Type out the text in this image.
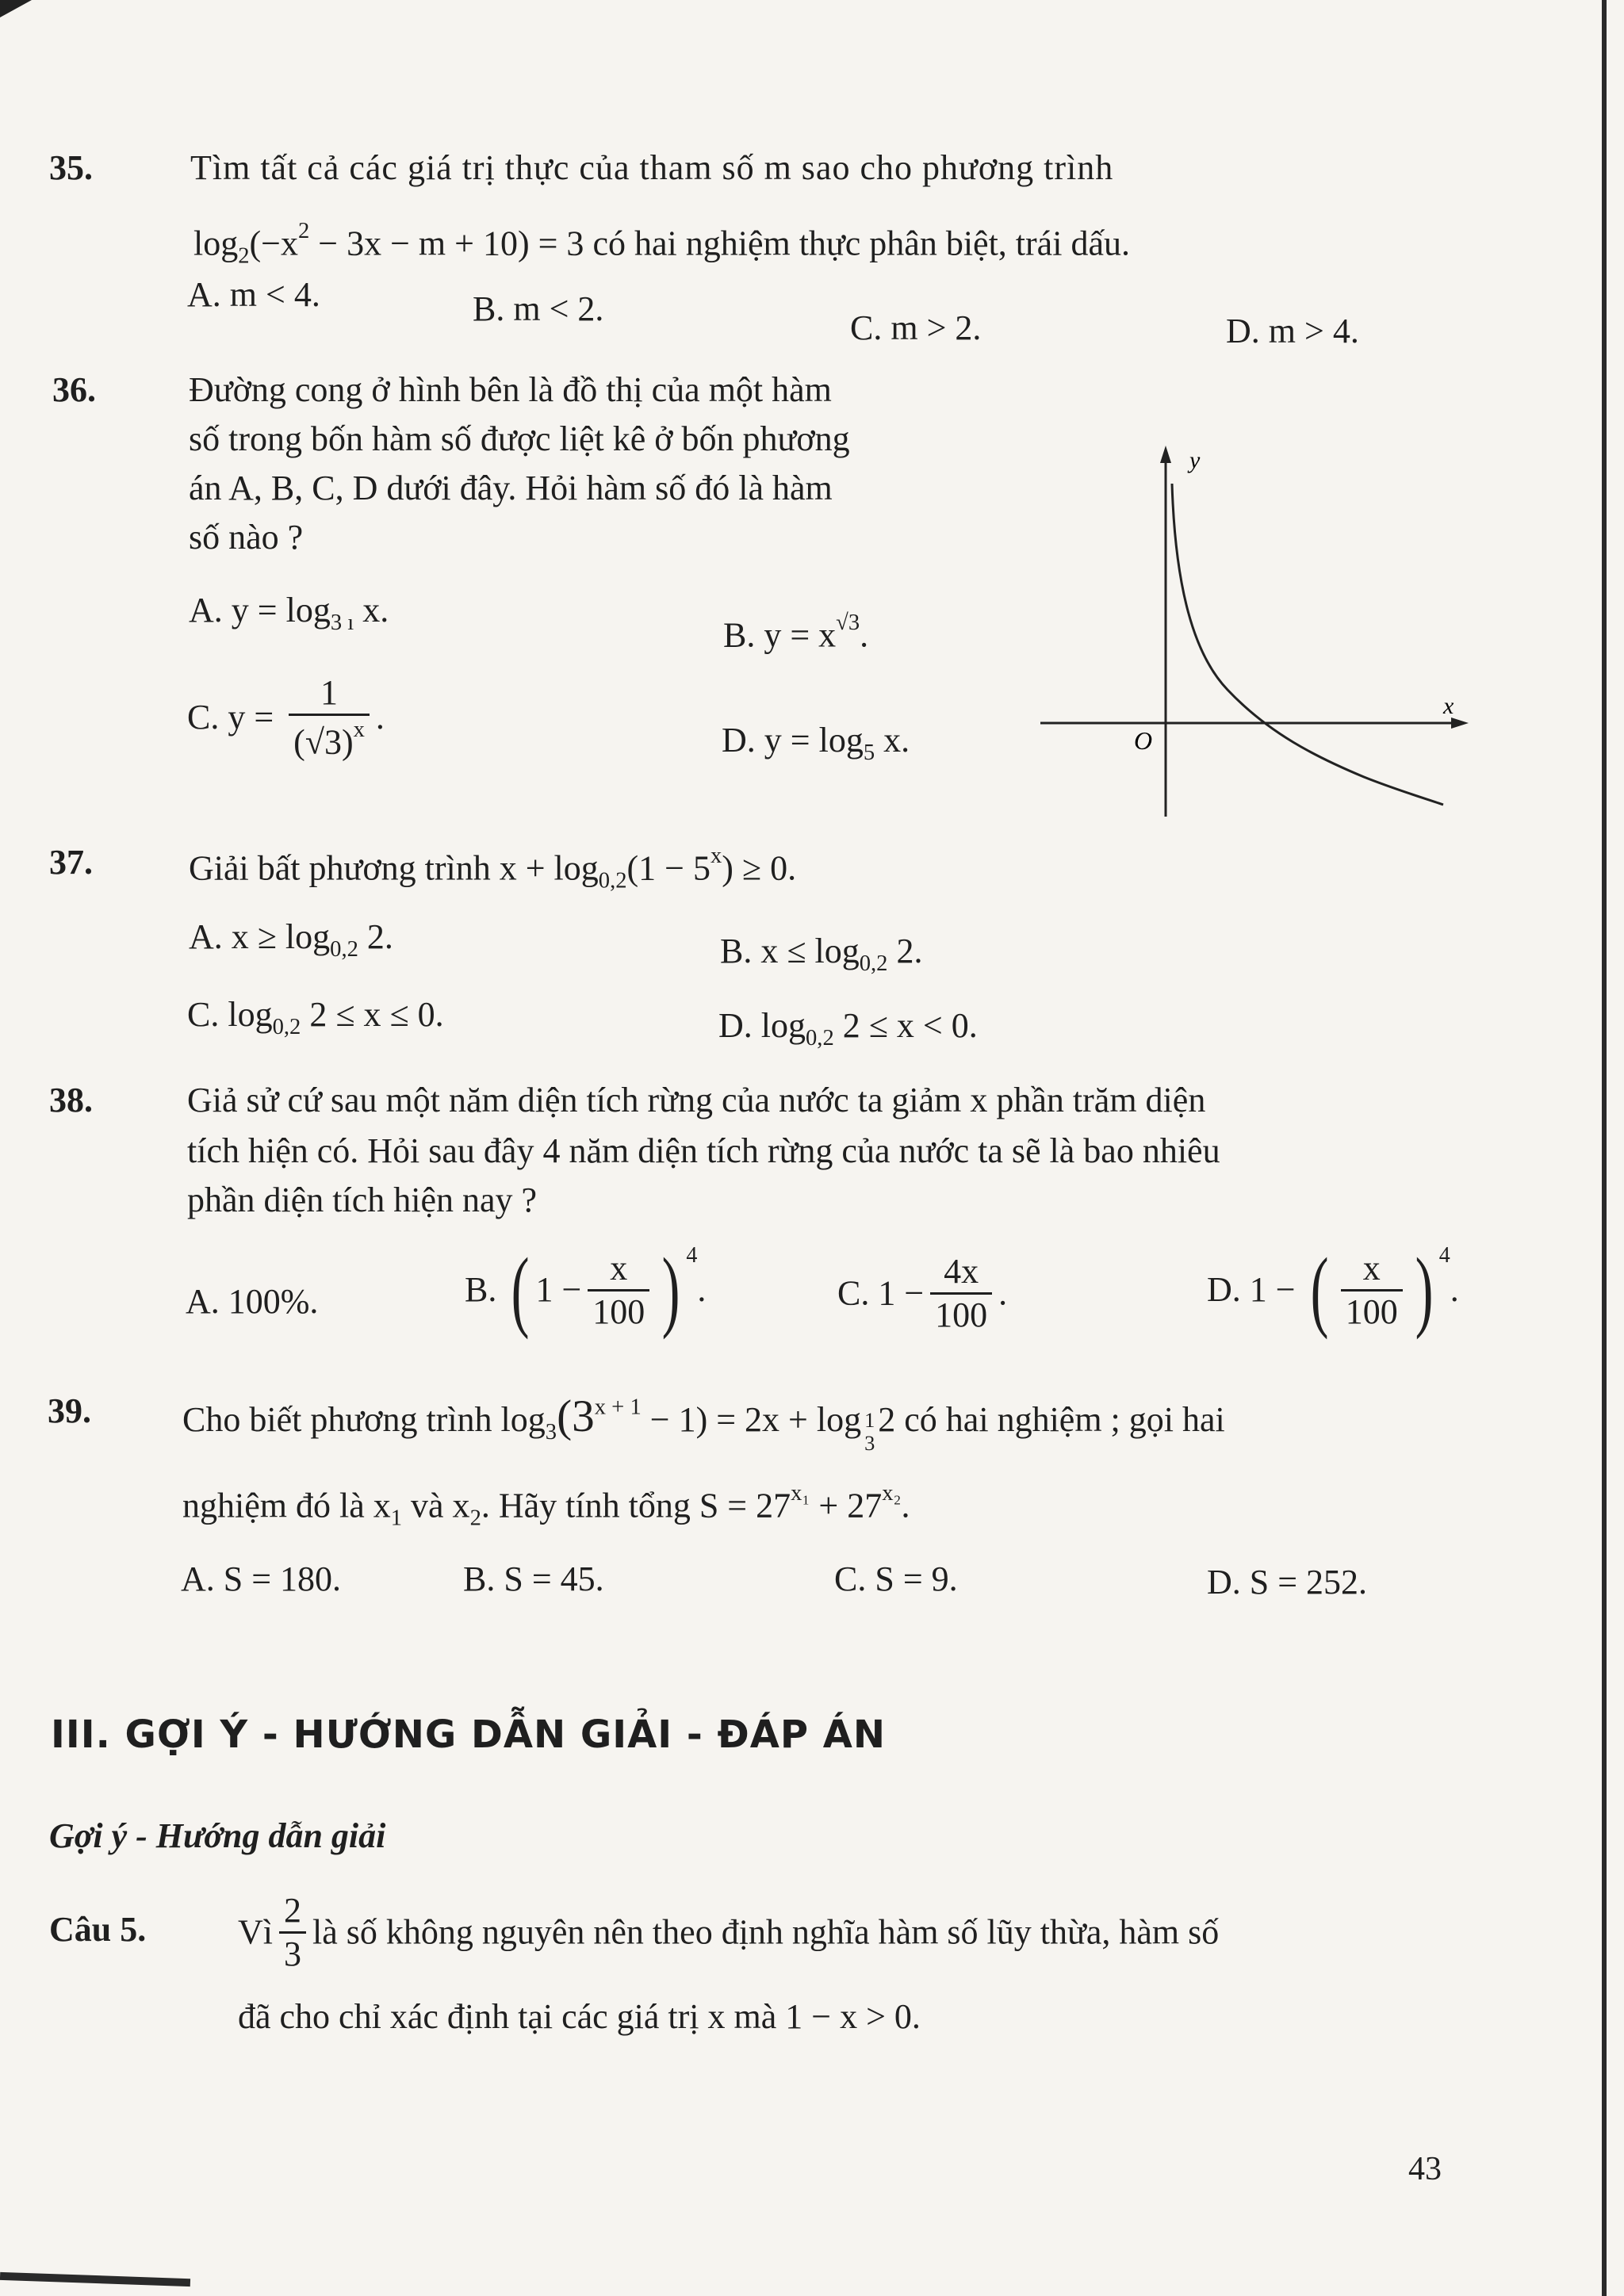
35.	Tìm tất cả các giá trị thực của tham số m sao cho phương trình
$\log_2(-x^2 - 3x - m + 10) = 3$ có hai nghiệm thực phân biệt, trái dấu.
A. m < 4.	B. m < 2.	C. m > 2.	D. m > 4.
36.	Đường cong ở hình bên là đồ thị của một hàm
số trong bốn hàm số được liệt kê ở bốn phương
án A, B, C, D dưới đây. Hỏi hàm số đó là hàm
số nào ?
A. $y = \log_{3 ı} x$.
B. $y = x^{√3}$.
C. $y = \frac{1}{(√3)^x}$ .
D. $y = \log_5 x$.
y
x
O
37.	Giải bất phương trình $x + \log_{0,2}(1 - 5^x) \ge 0$.
A. $x \ge \log_{0,2} 2$.	B. $x \le \log_{0,2} 2$.
C. $\log_{0,2} 2 \le x \le 0$.	D. $\log_{0,2} 2 \le x < 0$.
38.	Giả sử cứ sau một năm diện tích rừng của nước ta giảm x phần trăm diện
tích hiện có. Hỏi sau đây 4 năm diện tích rừng của nước ta sẽ là bao nhiêu
phần diện tích hiện nay ?
A. 100%.	B. ( $1 - \frac{x}{100}$ ) $^4$.	C. $1 - \frac{4x}{100}$ .	D. 1 − ( $\frac{x}{100}$ ) $^4$.
39.	Cho biết phương trình $\log_3(3^{x + 1} - 1) = 2x + \log 1$
3
2 có hai nghiệm ; gọi hai
nghiệm đó là $x_1$ và $x_2$. Hãy tính tổng $S = 27^{x_1} + 27^{x_2}$.
A. S = 180.	B. S = 45.	C. S = 9.	D. S = 252.
III. GỢI Ý - HƯỚNG DẪN GIẢI - ĐÁP ÁN
Gợi ý - Hướng dẫn giải
Câu 5.	Vì $\frac{2}{3}$ là số không nguyên nên theo định nghĩa hàm số lũy thừa, hàm số
đã cho chỉ xác định tại các giá trị x mà 1 − x > 0.
43
